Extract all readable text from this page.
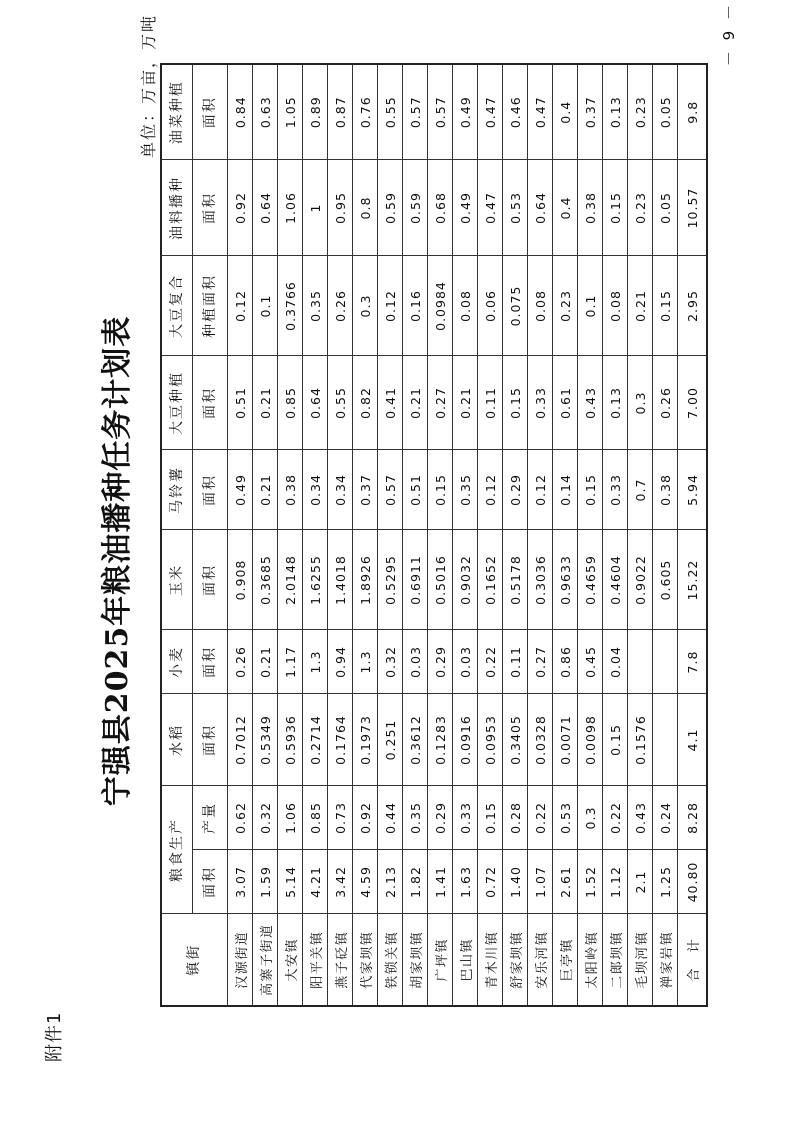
附件1
宁强县2025年粮油播种任务计划表
单位：万亩，万吨
镇街	粮食生产		水稻	小麦	玉米	马铃薯	大豆种植	大豆复合	油料播种	油菜种植
	面积	产量	面积	面积	面积	面积	面积	种植面积	面积	面积
汉源街道	3.07	0.62	0.7012	0.26	0.908	0.49	0.51	0.12	0.92	0.84
高寨子街道	1.59	0.32	0.5349	0.21	0.3685	0.21	0.21	0.1	0.64	0.63
大安镇	5.14	1.06	0.5936	1.17	2.0148	0.38	0.85	0.3766	1.06	1.05
阳平关镇	4.21	0.85	0.2714	1.3	1.6255	0.34	0.64	0.35	1	0.89
燕子砭镇	3.42	0.73	0.1764	0.94	1.4018	0.34	0.55	0.26	0.95	0.87
代家坝镇	4.59	0.92	0.1973	1.3	1.8926	0.37	0.82	0.3	0.8	0.76
铁锁关镇	2.13	0.44	0.251	0.32	0.5295	0.57	0.41	0.12	0.59	0.55
胡家坝镇	1.82	0.35	0.3612	0.03	0.6911	0.51	0.21	0.16	0.59	0.57
广坪镇	1.41	0.29	0.1283	0.29	0.5016	0.15	0.27	0.0984	0.68	0.57
巴山镇	1.63	0.33	0.0916	0.03	0.9032	0.35	0.21	0.08	0.49	0.49
青木川镇	0.72	0.15	0.0953	0.22	0.1652	0.12	0.11	0.06	0.47	0.47
舒家坝镇	1.40	0.28	0.3405	0.11	0.5178	0.29	0.15	0.075	0.53	0.46
安乐河镇	1.07	0.22	0.0328	0.27	0.3036	0.12	0.33	0.08	0.64	0.47
巨亭镇	2.61	0.53	0.0071	0.86	0.9633	0.14	0.61	0.23	0.4	0.4
太阳岭镇	1.52	0.3	0.0098	0.45	0.4659	0.15	0.43	0.1	0.38	0.37
二郎坝镇	1.12	0.22	0.15	0.04	0.4604	0.33	0.13	0.08	0.15	0.13
毛坝河镇	2.1	0.43	0.1576		0.9022	0.7	0.3	0.21	0.23	0.23
禅家岩镇	1.25	0.24			0.605	0.38	0.26	0.15	0.05	0.05
合　计	40.80	8.28	4.1	7.8	15.22	5.94	7.00	2.95	10.57	9.8
－ 9 －
